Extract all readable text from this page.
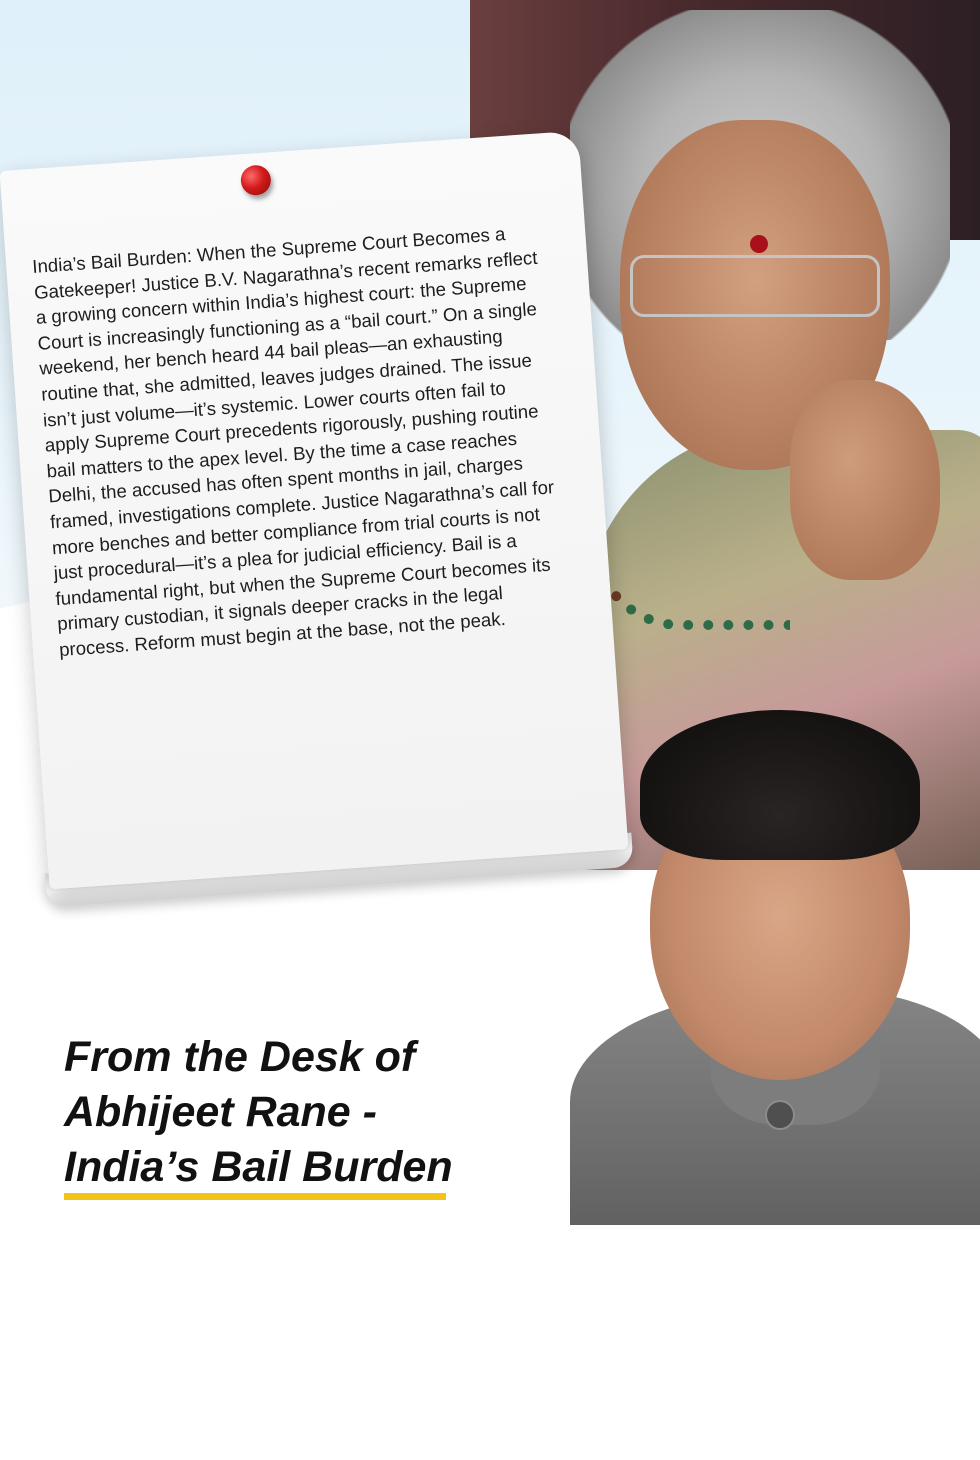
India’s Bail Burden: When the Supreme Court Becomes a Gatekeeper! Justice B.V. Nagarathna’s recent remarks reflect a growing concern within India’s highest court: the Supreme Court is increasingly functioning as a “bail court.” On a single weekend, her bench heard 44 bail pleas—an exhausting routine that, she admitted, leaves judges drained. The issue isn’t just volume—it’s systemic. Lower courts often fail to apply Supreme Court precedents rigorously, pushing routine bail matters to the apex level. By the time a case reaches Delhi, the accused has often spent months in jail, charges framed, investigations complete. Justice Nagarathna’s call for more benches and better compliance from trial courts is not just procedural—it’s a plea for judicial efficiency. Bail is a fundamental right, but when the Supreme Court becomes its primary custodian, it signals deeper cracks in the legal process. Reform must begin at the base, not the peak.

From the Desk of
Abhijeet Rane -
India’s Bail Burden
